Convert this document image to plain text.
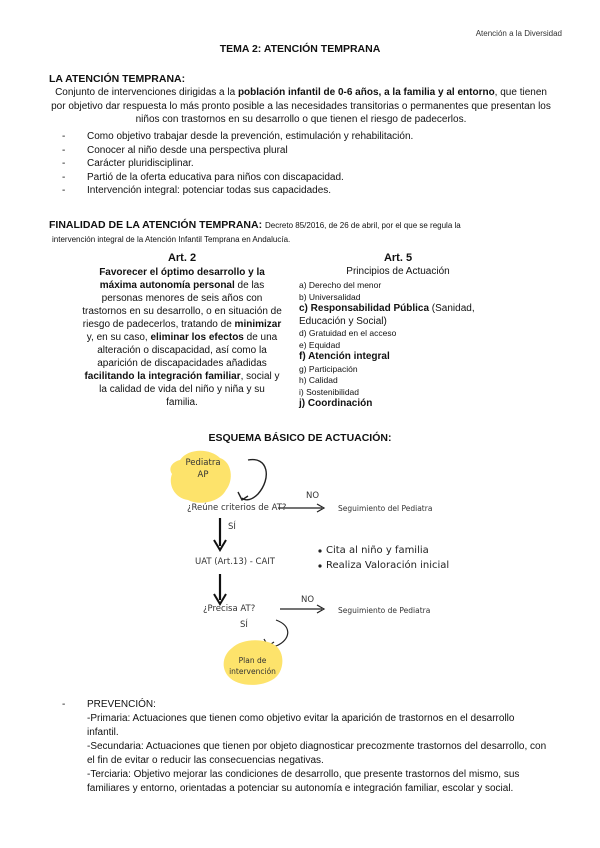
Atención a la Diversidad
TEMA 2: ATENCIÓN TEMPRANA
LA ATENCIÓN TEMPRANA:
Conjunto de intervenciones dirigidas a la población infantil de 0-6 años, a la familia y al entorno, que tienen por objetivo dar respuesta lo más pronto posible a las necesidades transitorias o permanentes que presentan los niños con trastornos en su desarrollo o que tienen el riesgo de padecerlos.
- Como objetivo trabajar desde la prevención, estimulación y rehabilitación.
- Conocer al niño desde una perspectiva plural
- Carácter pluridisciplinar.
- Partió de la oferta educativa para niños con discapacidad.
- Intervención integral: potenciar todas sus capacidades.
FINALIDAD DE LA ATENCIÓN TEMPRANA: Decreto 85/2016, de 26 de abril, por el que se regula la
intervención integral de la Atención Infantil Temprana en Andalucía.
Art. 2
Favorecer el óptimo desarrollo y la máxima autonomía personal de las personas menores de seis años con trastornos en su desarrollo, o en situación de riesgo de padecerlos, tratando de minimizar y, en su caso, eliminar los efectos de una alteración o discapacidad, así como la aparición de discapacidades añadidas facilitando la integración familiar, social y la calidad de vida del niño y niña y su familia.
Art. 5
Principios de Actuación
a) Derecho del menor
b) Universalidad
c) Responsabilidad Pública (Sanidad, Educación y Social)
d) Gratuidad en el acceso
e) Equidad
f) Atención integral
g) Participación
h) Calidad
i) Sostenibilidad
j) Coordinación
ESQUEMA BÁSICO DE ACTUACIÓN:
Pediatra
AP
¿Reúne criterios de AT?
NO
Seguimiento del Pediatra
SÍ
UAT (Art.13) - CAIT
Cita al niño y familia
Realiza Valoración inicial
¿Precisa AT?
NO
Seguimiento de Pediatra
SÍ
Plan de
intervención
- PREVENCIÓN:
-Primaria: Actuaciones que tienen como objetivo evitar la aparición de trastornos en el desarrollo infantil.
-Secundaria: Actuaciones que tienen por objeto diagnosticar precozmente trastornos del desarrollo, con el fin de evitar o reducir las consecuencias negativas.
-Terciaria: Objetivo mejorar las condiciones de desarrollo, que presente trastornos del mismo, sus familiares y entorno, orientadas a potenciar su autonomía e integración familiar, escolar y social.
